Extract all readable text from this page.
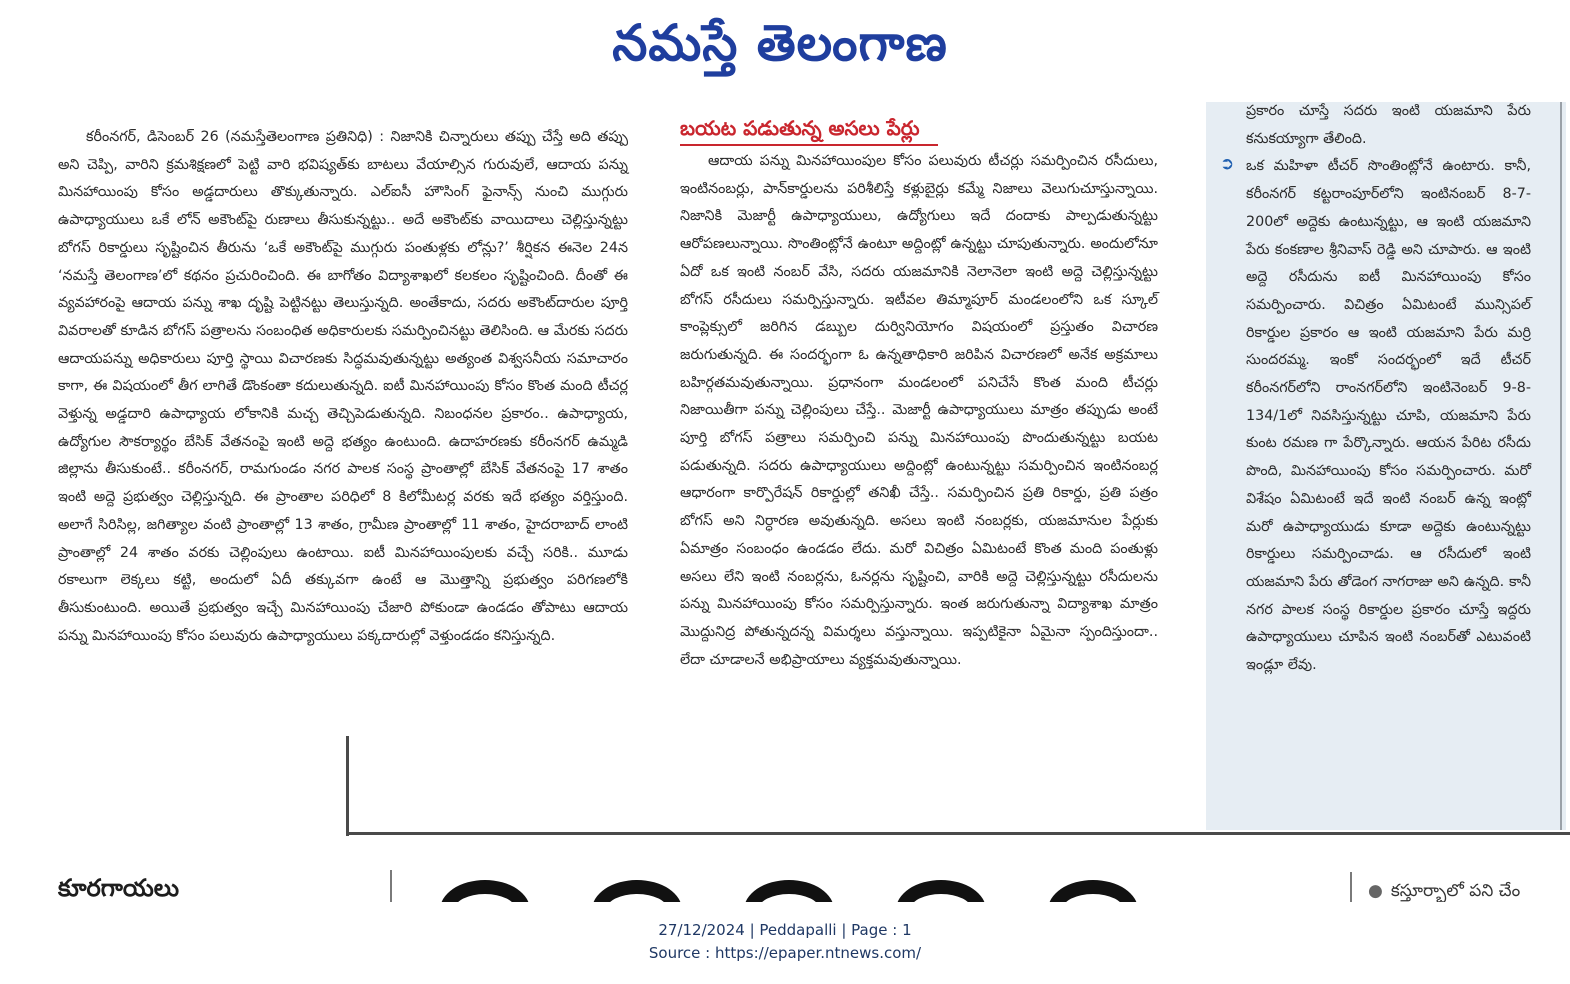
నమస్తే తెలంగాణ
కరీంనగర్, డిసెంబర్ 26 (నమస్తేతెలంగాణ ప్రతినిధి) : నిజానికి చిన్నారులు తప్పు చేస్తే అది తప్పు అని చెప్పి, వారిని క్రమశిక్షణలో పెట్టి వారి భవిష్యత్‌కు బాటలు వేయాల్సిన గురువులే, ఆదాయ పన్ను మినహాయింపు కోసం అడ్డదారులు తొక్కుతున్నారు. ఎల్‌ఐసీ హౌసింగ్ ఫైనాన్స్ నుంచి ముగ్గురు ఉపాధ్యాయులు ఒకే లోన్ అకౌంట్‌పై రుణాలు తీసుకున్నట్టు.. అదే అకౌంట్‌కు వాయిదాలు చెల్లిస్తున్నట్టు బోగస్ రికార్డులు సృష్టించిన తీరును ‘ఒకే అకౌంట్‌పై ముగ్గురు పంతుళ్లకు లోన్లు?’ శీర్షికన ఈనెల 24న ‘నమస్తే తెలంగాణ’లో కథనం ప్రచురించింది. ఈ బాగోతం విద్యాశాఖలో కలకలం సృష్టించింది. దీంతో ఈ వ్యవహారంపై ఆదాయ పన్ను శాఖ దృష్టి పెట్టినట్టు తెలుస్తున్నది. అంతేకాదు, సదరు అకౌంట్‌దారుల పూర్తి వివరాలతో కూడిన బోగస్ పత్రాలను సంబంధిత అధికారులకు సమర్పించినట్టు తెలిసింది. ఆ మేరకు సదరు ఆదాయపన్ను అధికారులు పూర్తి స్థాయి విచారణకు సిద్ధమవుతున్నట్టు అత్యంత విశ్వసనీయ సమాచారం కాగా, ఈ విషయంలో తీగ లాగితే డొంకంతా కదులుతున్నది. ఐటీ మినహాయింపు కోసం కొంత మంది టీచర్ల వెళ్తున్న అడ్డదారి ఉపాధ్యాయ లోకానికి మచ్చ తెచ్చిపెడుతున్నది. నిబంధనల ప్రకారం.. ఉపాధ్యాయ, ఉద్యోగుల సౌకర్యార్థం బేసిక్ వేతనంపై ఇంటి అద్దె భత్యం ఉంటుంది. ఉదాహరణకు కరీంనగర్ ఉమ్మడి జిల్లాను తీసుకుంటే.. కరీంనగర్, రామగుండం నగర పాలక సంస్థ ప్రాంతాల్లో బేసిక్ వేతనంపై 17 శాతం ఇంటి అద్దె ప్రభుత్వం చెల్లిస్తున్నది. ఈ ప్రాంతాల పరిధిలో 8 కిలోమీటర్ల వరకు ఇదే భత్యం వర్తిస్తుంది. అలాగే సిరిసిల్ల, జగిత్యాల వంటి ప్రాంతాల్లో 13 శాతం, గ్రామీణ ప్రాంతాల్లో 11 శాతం, హైదరాబాద్ లాంటి ప్రాంతాల్లో 24 శాతం వరకు చెల్లింపులు ఉంటాయి. ఐటీ మినహాయింపులకు వచ్చే సరికి.. మూడు రకాలుగా లెక్కలు కట్టి, అందులో ఏదీ తక్కువగా ఉంటే ఆ మొత్తాన్ని ప్రభుత్వం పరిగణలోకి తీసుకుంటుంది. అయితే ప్రభుత్వం ఇచ్చే మినహాయింపు చేజారి పోకుండా ఉండడం తోపాటు ఆదాయ పన్ను మినహాయింపు కోసం పలువురు ఉపాధ్యాయులు పక్కదారుల్లో వెళ్తుండడం కనిస్తున్నది.
బయట పడుతున్న అసలు పేర్లు
ఆదాయ పన్ను మినహాయింపుల కోసం పలువురు టీచర్లు సమర్పించిన రసీదులు, ఇంటినంబర్లు, పాన్‌కార్డులను పరిశీలిస్తే కళ్లుబైర్లు కమ్మే నిజాలు వెలుగుచూస్తున్నాయి. నిజానికి మెజార్టీ ఉపాధ్యాయులు, ఉద్యోగులు ఇదే దందాకు పాల్పడుతున్నట్టు ఆరోపణలున్నాయి. సొంతింట్లోనే ఉంటూ అద్దింట్లో ఉన్నట్టు చూపుతున్నారు. అందులోనూ ఏదో ఒక ఇంటి నంబర్ వేసి, సదరు యజమానికి నెలానెలా ఇంటి అద్దె చెల్లిస్తున్నట్టు బోగస్ రసీదులు సమర్పిస్తున్నారు. ఇటీవల తిమ్మాపూర్ మండలంలోని ఒక స్కూల్ కాంప్లెక్సులో జరిగిన డబ్బుల దుర్వినియోగం విషయంలో ప్రస్తుతం విచారణ జరుగుతున్నది. ఈ సందర్భంగా ఓ ఉన్నతాధికారి జరిపిన విచారణలో అనేక అక్రమాలు బహిర్గతమవుతున్నాయి. ప్రధానంగా మండలంలో పనిచేసే కొంత మంది టీచర్లు నిజాయితీగా పన్ను చెల్లింపులు చేస్తే.. మెజార్టీ ఉపాధ్యాయులు మాత్రం తప్పుడు అంటే పూర్తి బోగస్ పత్రాలు సమర్పించి పన్ను మినహాయింపు పొందుతున్నట్టు బయట పడుతున్నది. సదరు ఉపాధ్యాయులు అద్దింట్లో ఉంటున్నట్టు సమర్పించిన ఇంటినంబర్ల ఆధారంగా కార్పొరేషన్ రికార్డుల్లో తనిఖీ చేస్తే.. సమర్పించిన ప్రతి రికార్డు, ప్రతి పత్రం బోగస్ అని నిర్ధారణ అవుతున్నది. అసలు ఇంటి నంబర్లకు, యజమానుల పేర్లుకు ఏమాత్రం సంబంధం ఉండడం లేదు. మరో విచిత్రం ఏమిటంటే కొంత మంది పంతుళ్లు అసలు లేని ఇంటి నంబర్లను, ఓనర్లను సృష్టించి, వారికి అద్దె చెల్లిస్తున్నట్టు రసీదులను పన్ను మినహాయింపు కోసం సమర్పిస్తున్నారు. ఇంత జరుగుతున్నా విద్యాశాఖ మాత్రం మొద్దునిద్ర పోతున్నదన్న విమర్శలు వస్తున్నాయి. ఇప్పటికైనా ఏమైనా స్పందిస్తుందా.. లేదా చూడాలనే అభిప్రాయాలు వ్యక్తమవుతున్నాయి.
➲
ప్రకారం చూస్తే సదరు ఇంటి యజమాని పేరు కనుకయ్యాగా తేలింది.
ఒక మహిళా టీచర్ సొంతింట్లోనే ఉంటారు. కానీ, కరీంనగర్ కట్టరాంపూర్‌లోని ఇంటినంబర్ 8-7-200లో అద్దెకు ఉంటున్నట్టు, ఆ ఇంటి యజమాని పేరు కంకణాల శ్రీనివాస్ రెడ్డి అని చూపారు. ఆ ఇంటి అద్దె రసీదును ఐటీ మినహాయింపు కోసం సమర్పించారు. విచిత్రం ఏమిటంటే మున్సిపల్ రికార్డుల ప్రకారం ఆ ఇంటి యజమాని పేరు మర్రి సుందరమ్మ. ఇంకో సందర్భంలో ఇదే టీచర్ కరీంనగర్‌లోని రాంనగర్‌లోని ఇంటినెంబర్ 9-8-134/1లో నివసిస్తున్నట్టు చూపి, యజమాని పేరు కుంట రమణ గా పేర్కొన్నారు. ఆయన పేరిట రసీదు పొంది, మినహాయింపు కోసం సమర్పించారు. మరో విశేషం ఏమిటంటే ఇదే ఇంటి నంబర్ ఉన్న ఇంట్లో మరో ఉపాధ్యాయుడు కూడా అద్దెకు ఉంటున్నట్టు రికార్డులు సమర్పించాడు. ఆ రసీదులో ఇంటి యజమాని పేరు తోడెంగ నాగరాజు అని ఉన్నది. కానీ నగర పాలక సంస్థ రికార్డుల ప్రకారం చూస్తే ఇద్దరు ఉపాధ్యాయులు చూపిన ఇంటి నంబర్‌తో ఎటువంటి ఇండ్లూ లేవు.
కూరగాయలు	● కస్తూర్బాలో పని చేం
27/12/2024 | Peddapalli | Page : 1
Source : https://epaper.ntnews.com/
